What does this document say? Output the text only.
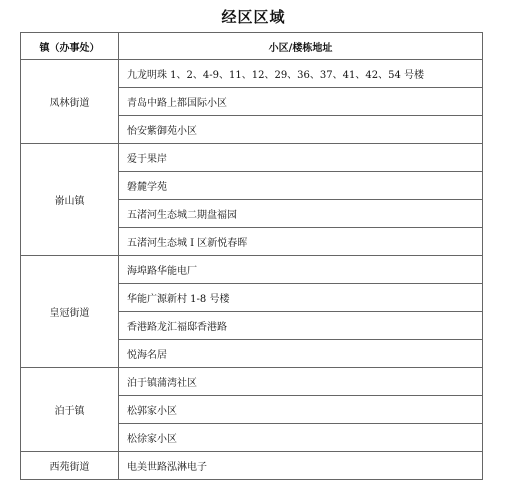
经区区域
镇（办事处）	小区/楼栋地址
凤林街道	九龙明珠 1、2、4-9、11、12、29、36、37、41、42、54 号楼
	青岛中路上都国际小区
	怡安紫御苑小区
嵛山镇	爱于果岸
	磐麓学苑
	五渚河生态城二期盘福园
	五渚河生态城 I 区新悦春晖
皇冠街道	海埠路华能电厂
	华能广源新村 1-8 号楼
	香港路龙汇福邸香港路
	悦海名居
泊于镇	泊于镇蒲湾社区
	松郭家小区
	松徐家小区
西苑街道	电美世路泓淋电子
